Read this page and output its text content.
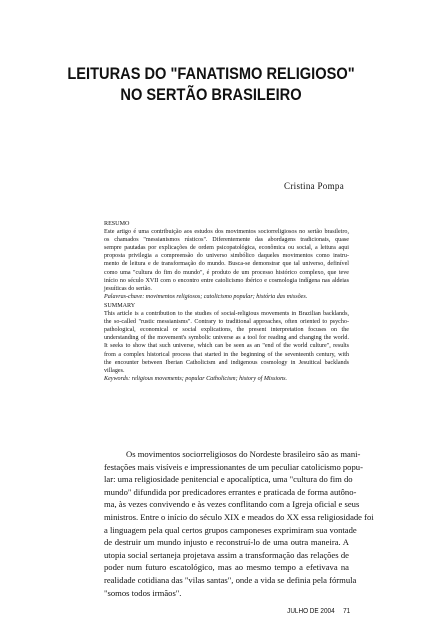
LEITURAS DO "FANATISMO RELIGIOSO"
NO SERTÃO BRASILEIRO
Cristina Pompa
RESUMO
Este artigo é uma contribuição aos estudos dos movimentos sociorreligiosos no sertão brasileiro,
os chamados "messianismos rústicos". Diferentemente das abordagens tradicionais, quase
sempre pautadas por explicações de ordem psicopatológica, econômica ou social, a leitura aqui
proposta privilegia a compreensão do universo simbólico daqueles movimentos como instru-
mento de leitura e de transformação do mundo. Busca-se demonstrar que tal universo, definível
como uma "cultura do fim do mundo", é produto de um processo histórico complexo, que teve
início no século XVII com o encontro entre catolicismo ibérico e cosmologia indígena nas aldeias
jesuíticas do sertão.
Palavras-chave: movimentos religiosos; catolicismo popular; história das missões.
SUMMARY
This article is a contribution to the studies of social-religious movements in Brazilian backlands,
the so-called "rustic messianisms". Contrary to traditional approaches, often oriented to psycho-
pathological, economical or social explications, the present interpretation focuses on the
understanding of the movement's symbolic universe as a tool for reading and changing the world.
It seeks to show that such universe, which can be seen as an "end of the world culture", results
from a complex historical process that started in the beginning of the seventeenth century, with
the encounter between Iberian Catholicism and indigenous cosmology in Jesuitical backlands
villages.
Keywords: religious movements; popular Catholicism; history of Missions.
Os movimentos sociorreligiosos do Nordeste brasileiro são as mani-
festações mais visíveis e impressionantes de um peculiar catolicismo popu-
lar: uma religiosidade penitencial e apocalíptica, uma "cultura do fim do
mundo" difundida por predicadores errantes e praticada de forma autôno-
ma, às vezes convivendo e às vezes conflitando com a Igreja oficial e seus
ministros. Entre o início do século XIX e meados do XX essa religiosidade foi
a linguagem pela qual certos grupos camponeses exprimiram sua vontade
de destruir um mundo injusto e reconstruí-lo de uma outra maneira. A
utopia social sertaneja projetava assim a transformação das relações de
poder num futuro escatológico, mas ao mesmo tempo a efetivava na
realidade cotidiana das "vilas santas", onde a vida se definia pela fórmula
"somos todos irmãos".
JULHO DE 2004 71
